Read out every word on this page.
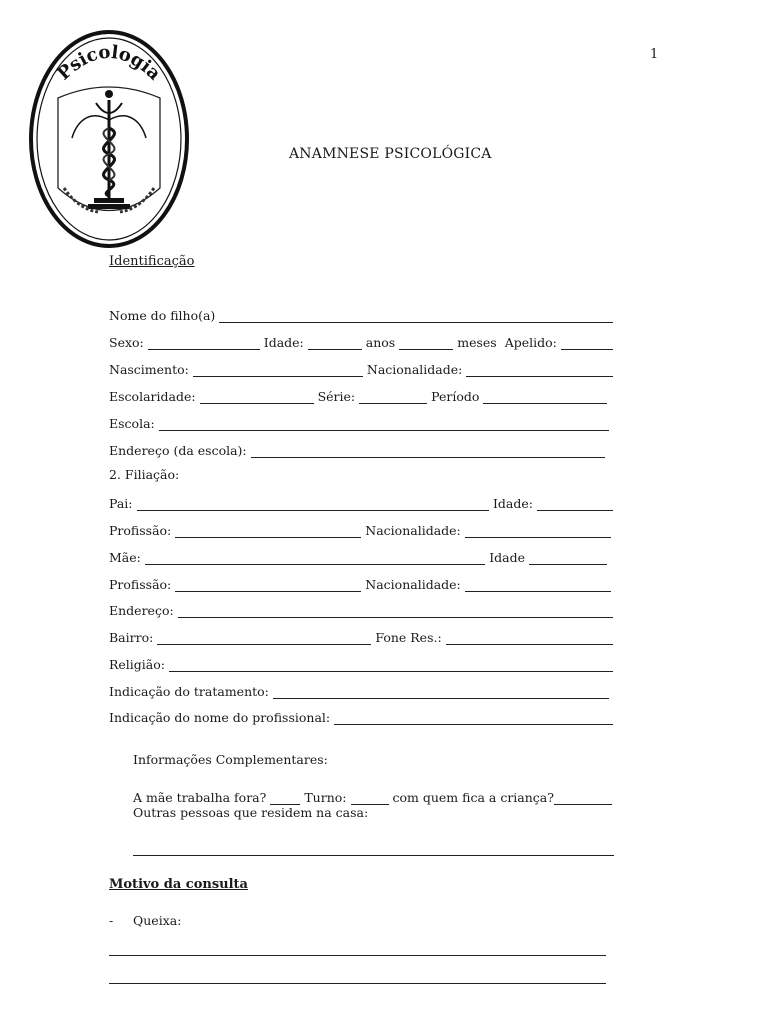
1
Psicologia
ANAMNESE PSICOLÓGICA
Identificação
Nome do filho(a)
Sexo:	Idade:	anos	meses Apelido:
Nascimento:	Nacionalidade:
Escolaridade:	Série:	Período
Escola:
Endereço (da escola):
2. Filiação:
Pai:	Idade:
Profissão:	Nacionalidade:
Mãe:	Idade
Profissão:	Nacionalidade:
Endereço:
Bairro:	Fone Res.:
Religião:
Indicação do tratamento:
Indicação do nome do profissional:
Informações Complementares:
A mãe trabalha fora?	Turno:	com quem fica a criança?
Outras pessoas que residem na casa:
Motivo da consulta
- Queixa:
